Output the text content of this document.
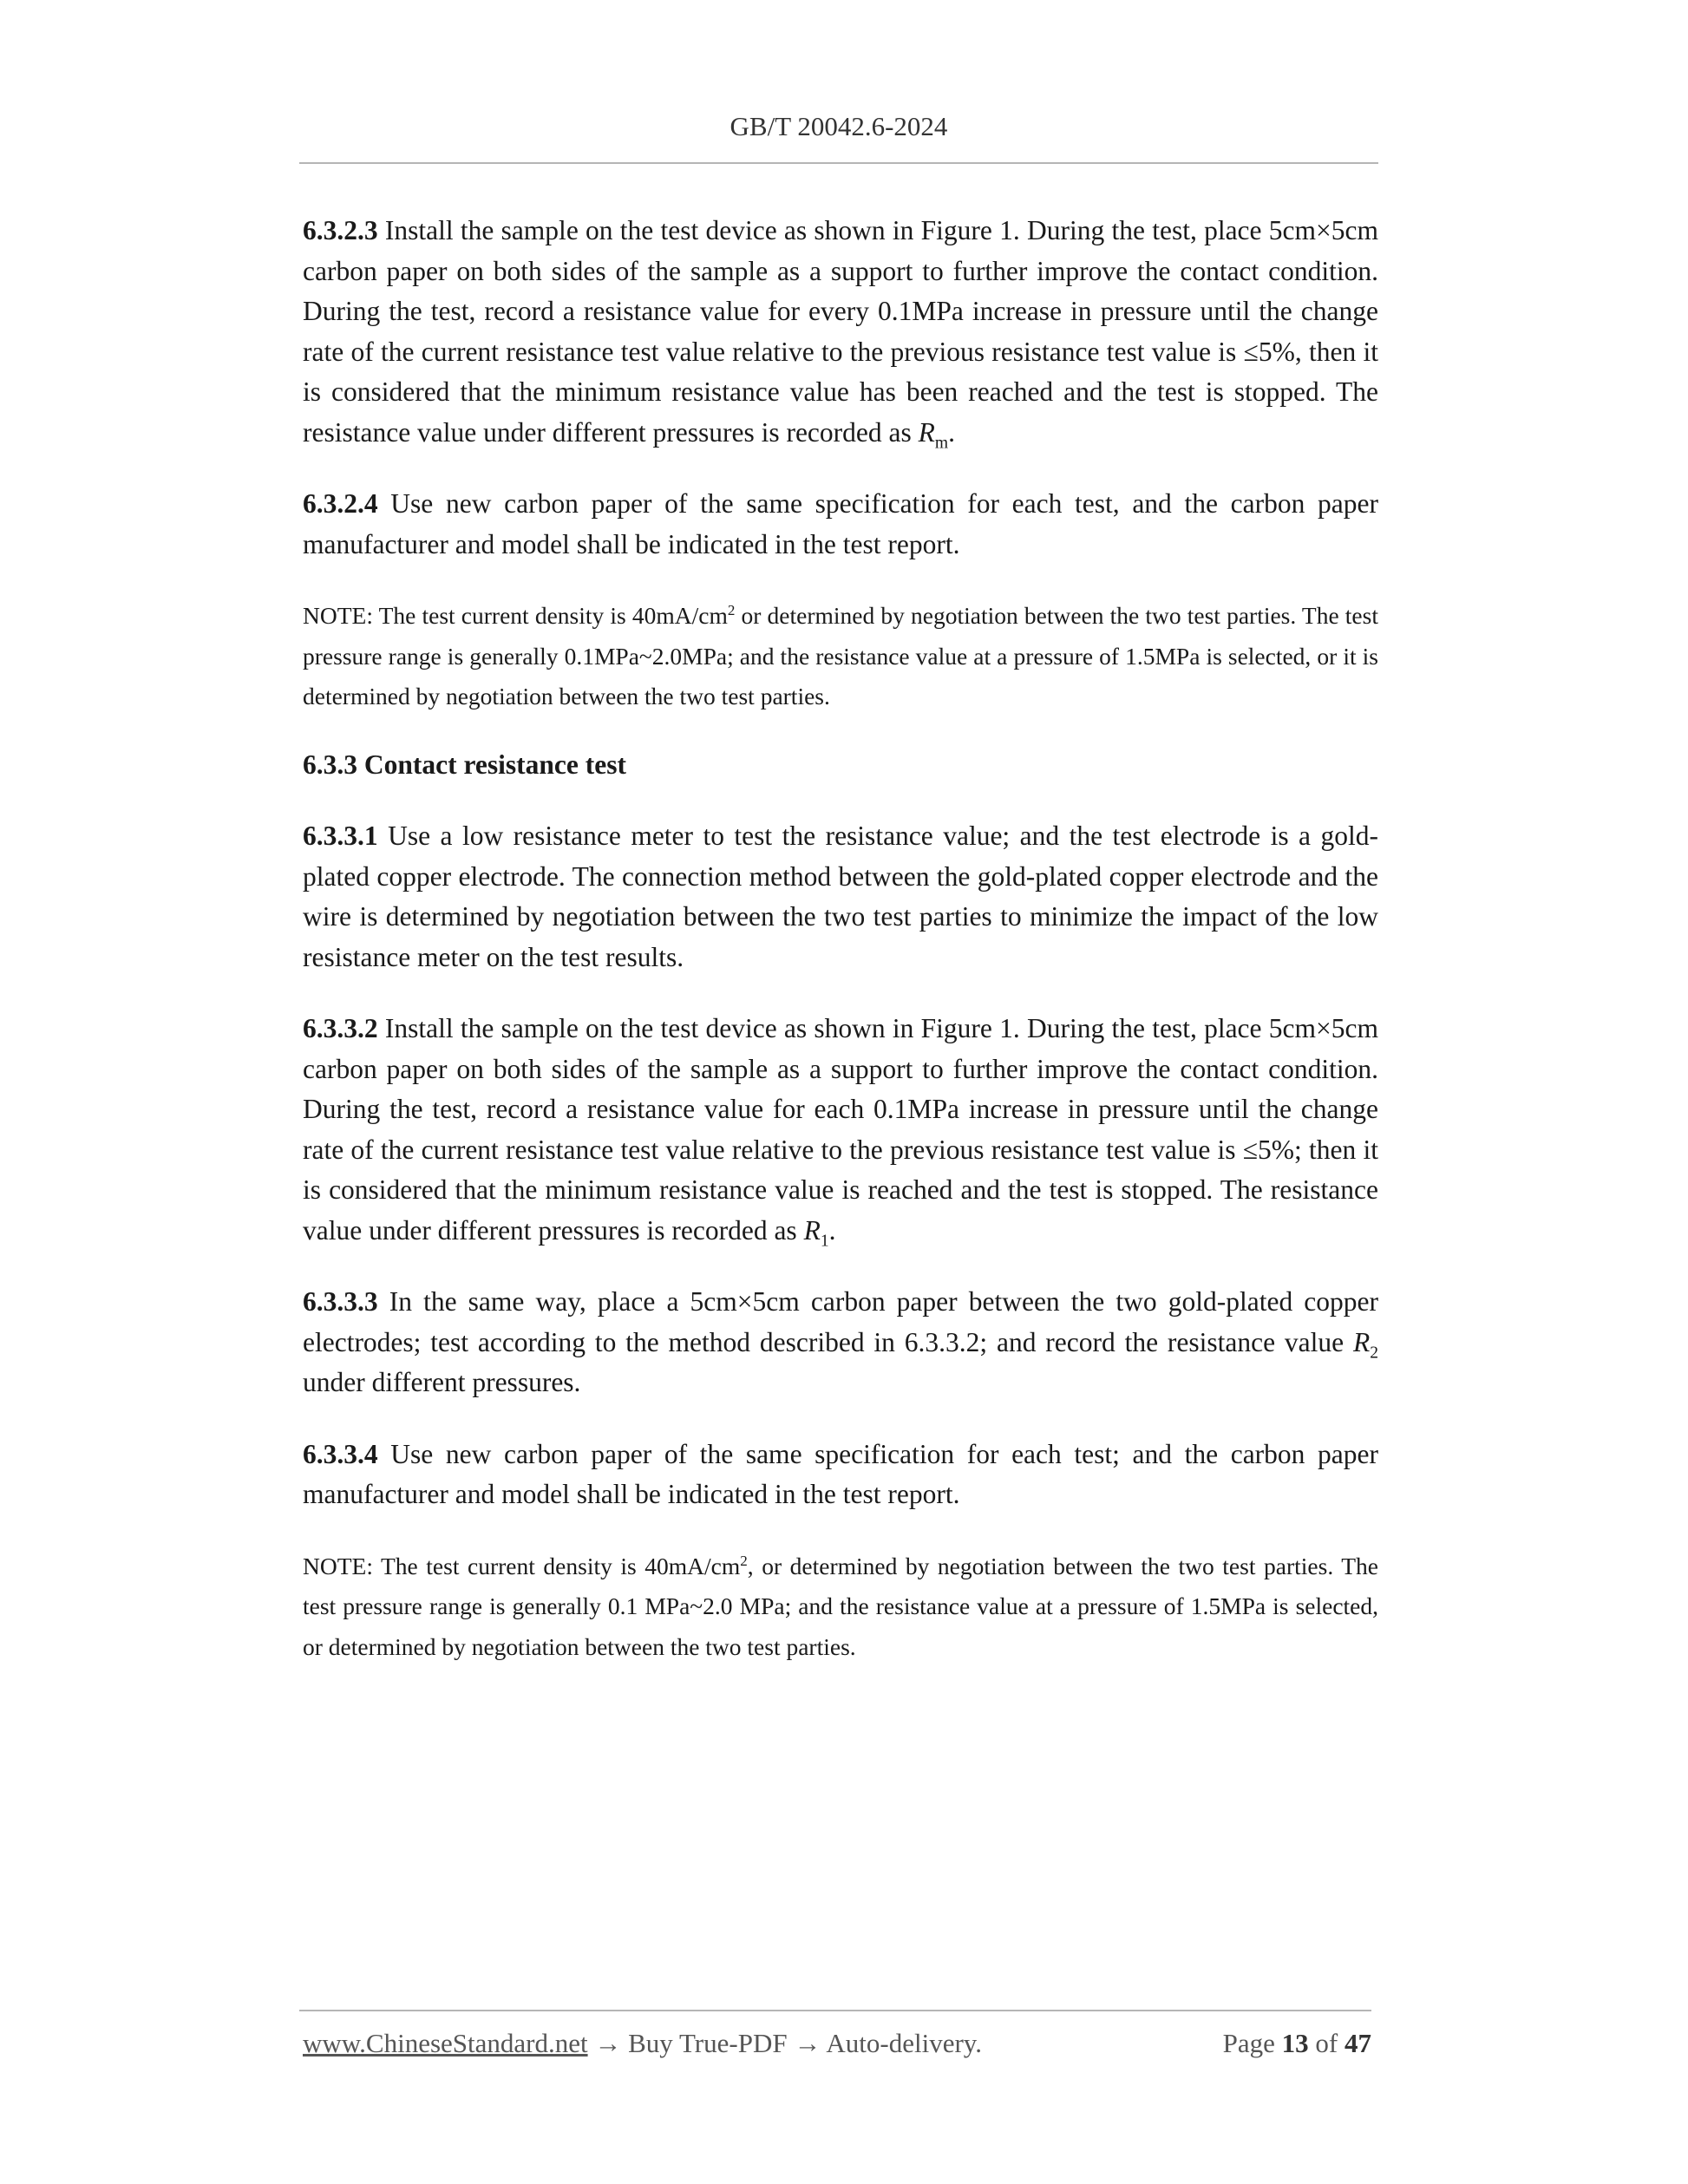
GB/T 20042.6-2024

6.3.2.3 Install the sample on the test device as shown in Figure 1. During the test, place 5cm×5cm carbon paper on both sides of the sample as a support to further improve the contact condition. During the test, record a resistance value for every 0.1MPa increase in pressure until the change rate of the current resistance test value relative to the previous resistance test value is ≤5%, then it is considered that the minimum resistance value has been reached and the test is stopped. The resistance value under different pressures is recorded as $R_m$.

6.3.2.4 Use new carbon paper of the same specification for each test, and the carbon paper manufacturer and model shall be indicated in the test report.

NOTE: The test current density is $40mA/cm^2$ or determined by negotiation between the two test parties. The test pressure range is generally 0.1MPa~2.0MPa; and the resistance value at a pressure of 1.5MPa is selected, or it is determined by negotiation between the two test parties.

6.3.3 Contact resistance test

6.3.3.1 Use a low resistance meter to test the resistance value; and the test electrode is a gold-plated copper electrode. The connection method between the gold-plated copper electrode and the wire is determined by negotiation between the two test parties to minimize the impact of the low resistance meter on the test results.

6.3.3.2 Install the sample on the test device as shown in Figure 1. During the test, place 5cm×5cm carbon paper on both sides of the sample as a support to further improve the contact condition. During the test, record a resistance value for each 0.1MPa increase in pressure until the change rate of the current resistance test value relative to the previous resistance test value is ≤5%; then it is considered that the minimum resistance value is reached and the test is stopped. The resistance value under different pressures is recorded as $R_1$.

6.3.3.3 In the same way, place a 5cm×5cm carbon paper between the two gold-plated copper electrodes; test according to the method described in 6.3.3.2; and record the resistance value $R_2$ under different pressures.

6.3.3.4 Use new carbon paper of the same specification for each test; and the carbon paper manufacturer and model shall be indicated in the test report.

NOTE: The test current density is $40mA/cm^2$, or determined by negotiation between the two test parties. The test pressure range is generally 0.1 MPa~2.0 MPa; and the resistance value at a pressure of 1.5MPa is selected, or determined by negotiation between the two test parties.

www.ChineseStandard.net → Buy True-PDF → Auto-delivery.	Page 13 of 47
